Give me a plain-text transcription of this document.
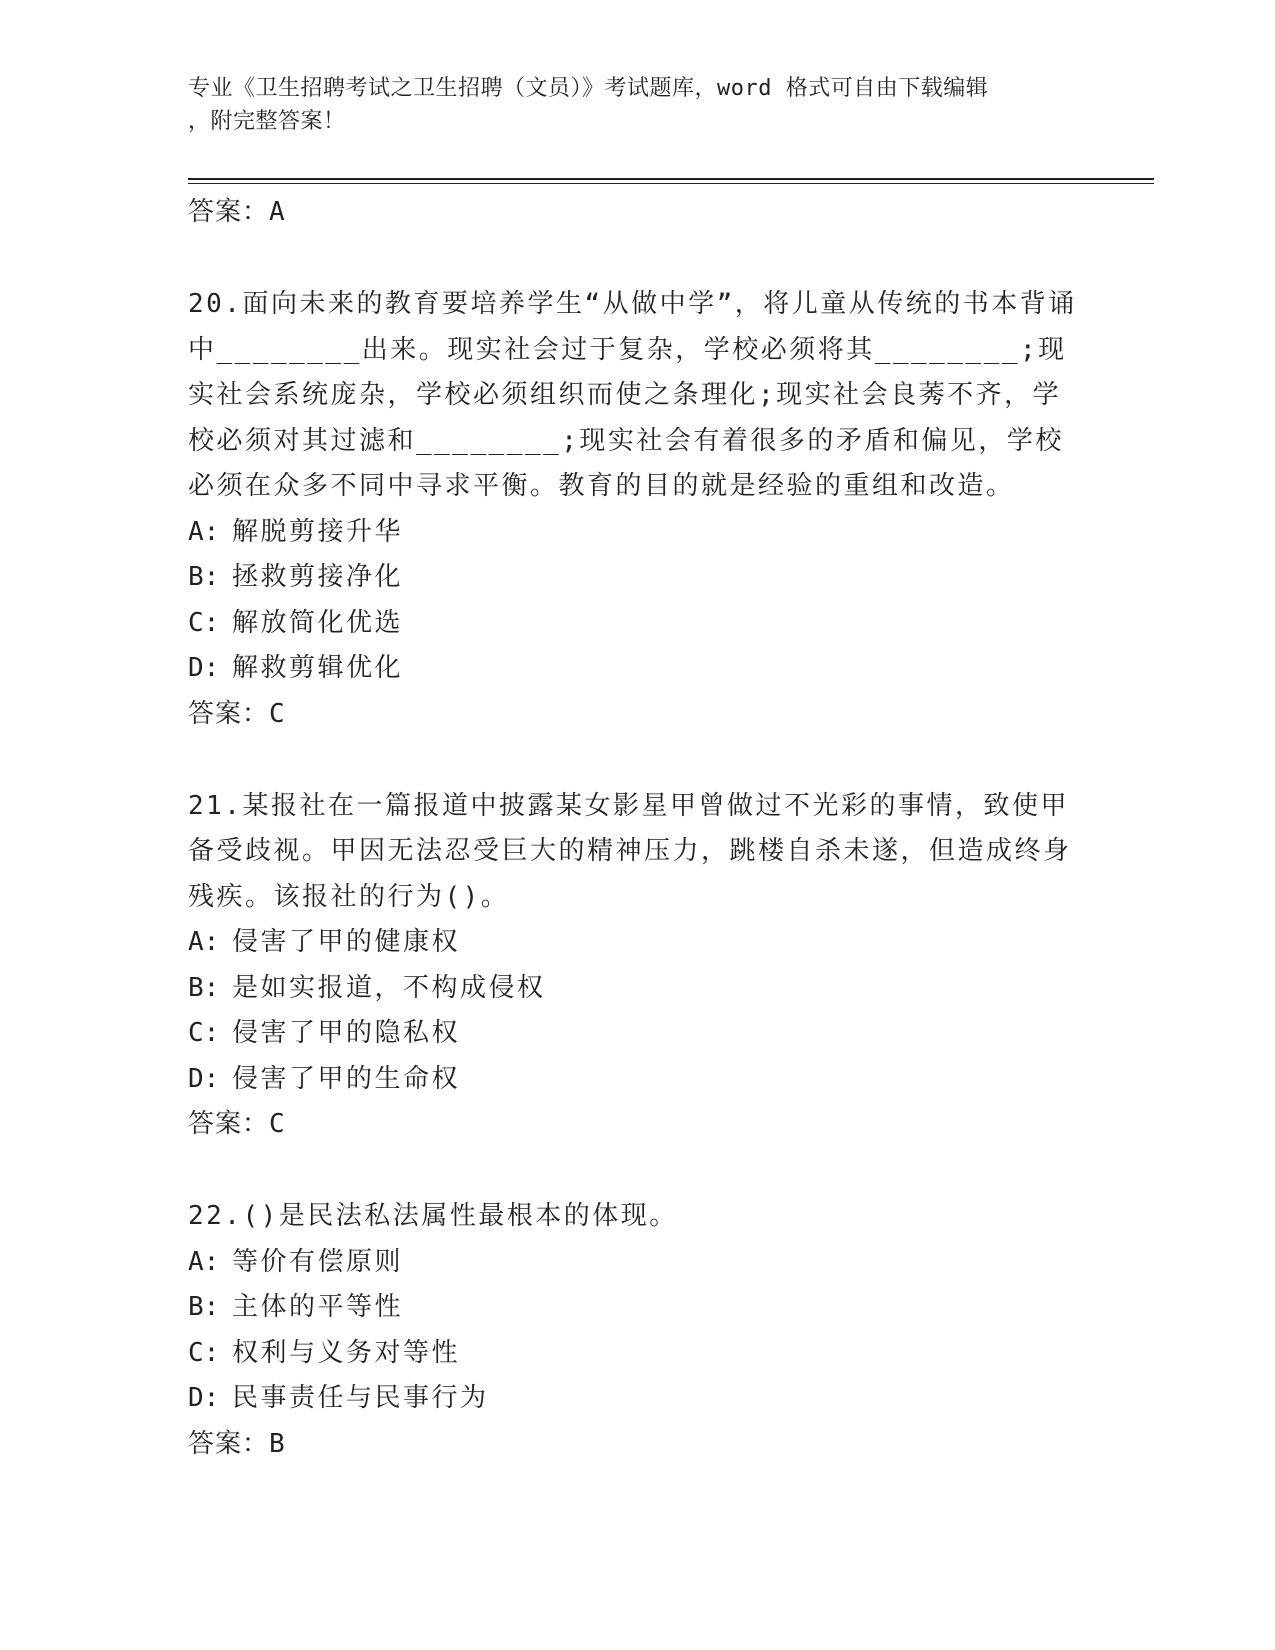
专业《卫生招聘考试之卫生招聘（文员）》考试题库，word 格式可自由下载编辑
，附完整答案！
答案：A
20.面向未来的教育要培养学生“从做中学”，将儿童从传统的书本背诵中________出来。现实社会过于复杂，学校必须将其________;现实社会系统庞杂，学校必须组织而使之条理化;现实社会良莠不齐，学校必须对其过滤和________;现实社会有着很多的矛盾和偏见，学校必须在众多不同中寻求平衡。教育的目的就是经验的重组和改造。
A: 解脱剪接升华
B: 拯救剪接净化
C: 解放简化优选
D: 解救剪辑优化
答案：C
21.某报社在一篇报道中披露某女影星甲曾做过不光彩的事情，致使甲备受歧视。甲因无法忍受巨大的精神压力，跳楼自杀未遂，但造成终身残疾。该报社的行为()。
A: 侵害了甲的健康权
B: 是如实报道，不构成侵权
C: 侵害了甲的隐私权
D: 侵害了甲的生命权
答案：C
22.()是民法私法属性最根本的体现。
A: 等价有偿原则
B: 主体的平等性
C: 权利与义务对等性
D: 民事责任与民事行为
答案：B
